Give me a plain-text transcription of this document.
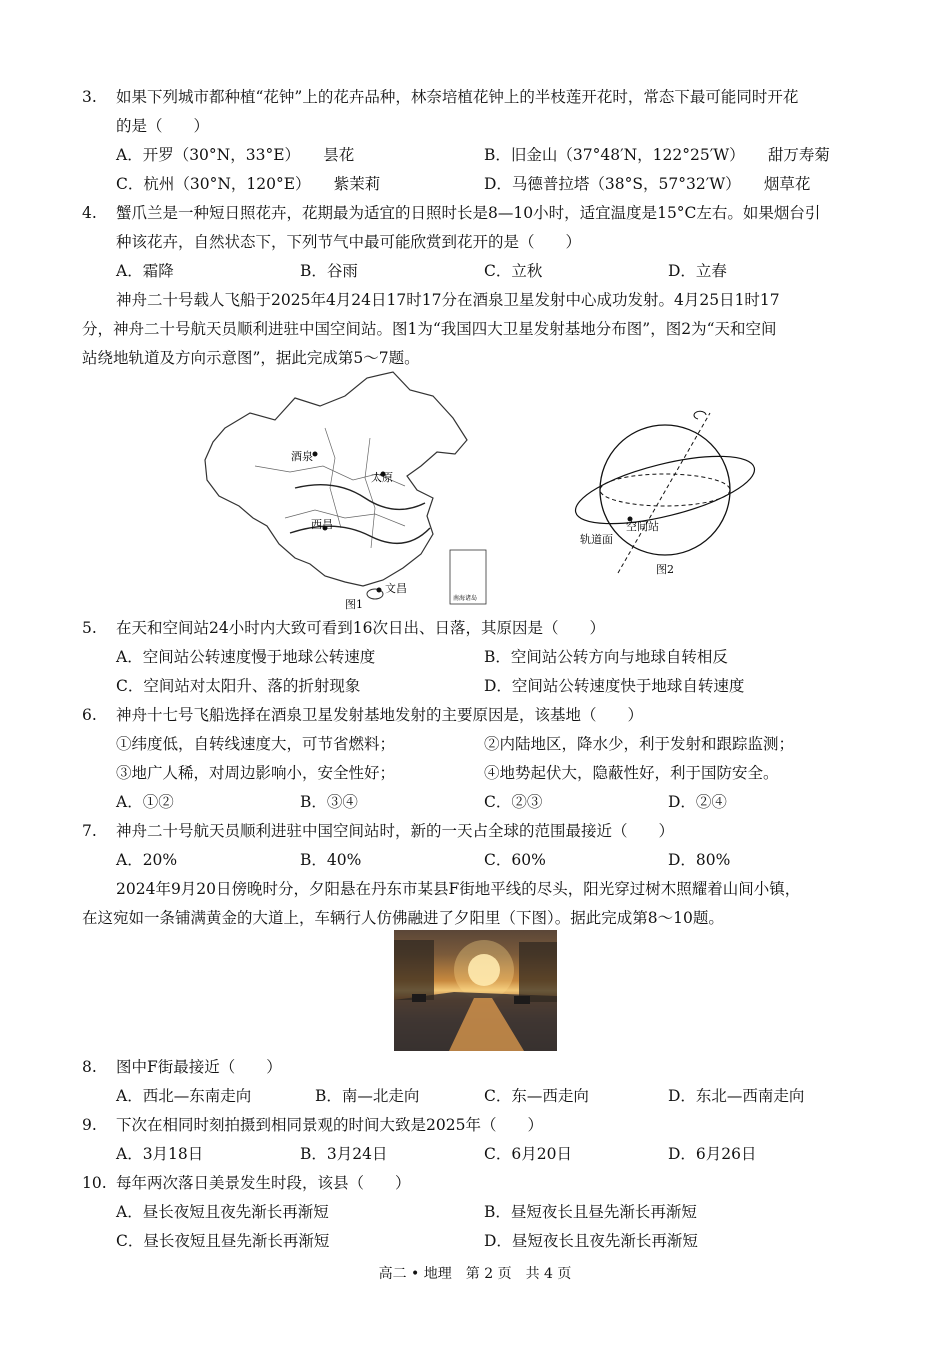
3. 如果下列城市都种植“花钟”上的花卉品种，林奈培植花钟上的半枝莲开花时，常态下最可能同时开花
的是（　　）
A．开罗（30°N，33°E）　　昙花	B．旧金山（37°48′N，122°25′W）　　甜万寿菊
C．杭州（30°N，120°E）　　紫茉莉	D．马德普拉塔（38°S，57°32′W）　　烟草花
4. 蟹爪兰是一种短日照花卉，花期最为适宜的日照时长是8—10小时，适宜温度是15°C左右。如果烟台引
种该花卉，自然状态下，下列节气中最可能欣赏到花开的是（　　）
A．霜降	B．谷雨	C．立秋	D．立春
神舟二十号载人飞船于2025年4月24日17时17分在酒泉卫星发射中心成功发射。4月25日1时17
分，神舟二十号航天员顺利进驻中国空间站。图1为“我国四大卫星发射基地分布图”，图2为“天和空间
站绕地轨道及方向示意图”，据此完成第5～7题。
酒泉
太原
西昌
文昌
南海诸岛
图1
空间站
轨道面
图2
5. 在天和空间站24小时内大致可看到16次日出、日落，其原因是（　　）
A．空间站公转速度慢于地球公转速度	B．空间站公转方向与地球自转相反
C．空间站对太阳升、落的折射现象	D．空间站公转速度快于地球自转速度
6. 神舟十七号飞船选择在酒泉卫星发射基地发射的主要原因是，该基地（　　）
①纬度低，自转线速度大，可节省燃料；	②内陆地区，降水少，利于发射和跟踪监测；
③地广人稀，对周边影响小，安全性好；	④地势起伏大，隐蔽性好，利于国防安全。
A．①②	B．③④	C．②③	D．②④
7. 神舟二十号航天员顺利进驻中国空间站时，新的一天占全球的范围最接近（　　）
A．20%	B．40%	C．60%	D．80%
2024年9月20日傍晚时分，夕阳悬在丹东市某县F街地平线的尽头，阳光穿过树木照耀着山间小镇，
在这宛如一条铺满黄金的大道上，车辆行人仿佛融进了夕阳里（下图）。据此完成第8～10题。
8. 图中F街最接近（　　）
A．西北—东南走向	B．南—北走向	C．东—西走向	D．东北—西南走向
9. 下次在相同时刻拍摄到相同景观的时间大致是2025年（　　）
A．3月18日	B．3月24日	C．6月20日	D．6月26日
10. 每年两次落日美景发生时段，该县（　　）
A．昼长夜短且夜先渐长再渐短	B．昼短夜长且昼先渐长再渐短
C．昼长夜短且昼先渐长再渐短	D．昼短夜长且夜先渐长再渐短
高二 • 地理　第 2 页　共 4 页
